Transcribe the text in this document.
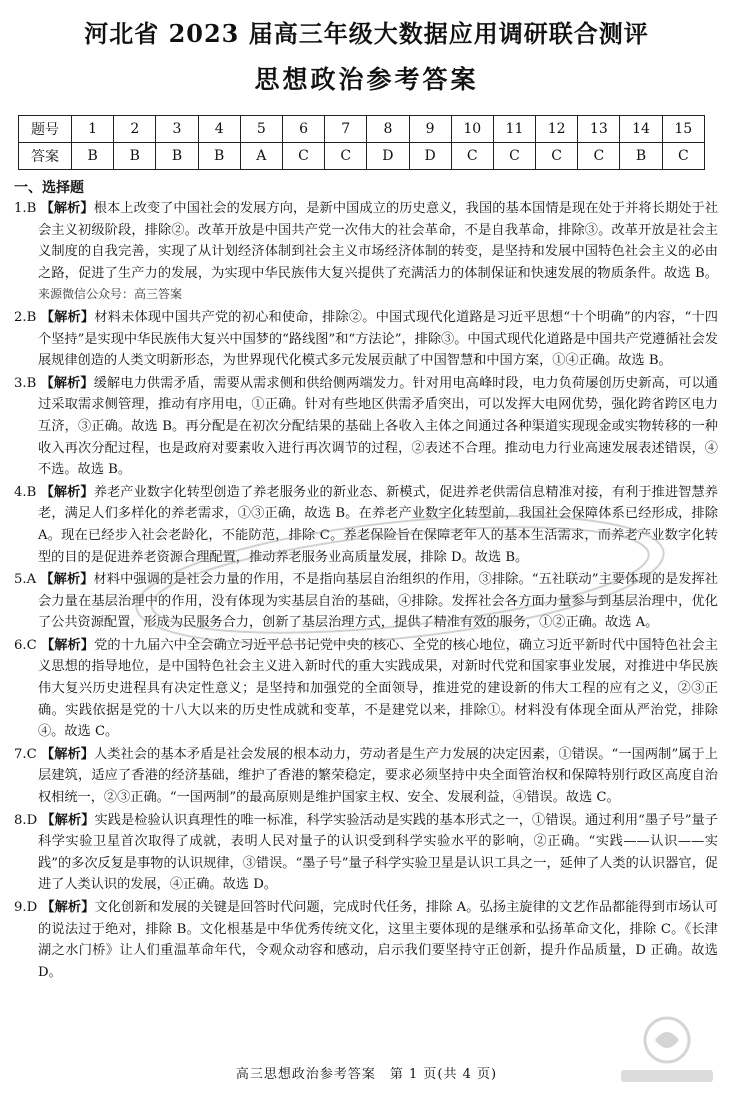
河北省 2023 届高三年级大数据应用调研联合测评
思想政治参考答案
题号	1	2	3	4	5	6	7	8	9	10	11	12	13	14	15
答案	B	B	B	B	A	C	C	D	D	C	C	C	C	B	C
一、选择题
1.B 【解析】根本上改变了中国社会的发展方向，是新中国成立的历史意义，我国的基本国情是现在处于并将长期处于社会主义初级阶段，排除②。改革开放是中国共产党一次伟大的社会革命，不是自我革命，排除③。改革开放是社会主义制度的自我完善，实现了从计划经济体制到社会主义市场经济体制的转变，是坚持和发展中国特色社会主义的必由之路，促进了生产力的发展，为实现中华民族伟大复兴提供了充满活力的体制保证和快速发展的物质条件。故选 B。来源微信公众号：高三答案
2.B 【解析】材料未体现中国共产党的初心和使命，排除②。中国式现代化道路是习近平思想“十个明确”的内容，“十四个坚持”是实现中华民族伟大复兴中国梦的“路线图”和“方法论”，排除③。中国式现代化道路是中国共产党遵循社会发展规律创造的人类文明新形态，为世界现代化模式多元发展贡献了中国智慧和中国方案，①④正确。故选 B。
3.B 【解析】缓解电力供需矛盾，需要从需求侧和供给侧两端发力。针对用电高峰时段，电力负荷屡创历史新高，可以通过采取需求侧管理，推动有序用电，①正确。针对有些地区供需矛盾突出，可以发挥大电网优势，强化跨省跨区电力互济，③正确。故选 B。再分配是在初次分配结果的基础上各收入主体之间通过各种渠道实现现金或实物转移的一种收入再次分配过程，也是政府对要素收入进行再次调节的过程，②表述不合理。推动电力行业高速发展表述错误，④不选。故选 B。
4.B 【解析】养老产业数字化转型创造了养老服务业的新业态、新模式，促进养老供需信息精准对接，有利于推进智慧养老，满足人们多样化的养老需求，①③正确，故选 B。在养老产业数字化转型前，我国社会保障体系已经形成，排除 A。现在已经步入社会老龄化，不能防范，排除 C。养老保险旨在保障老年人的基本生活需求，而养老产业数字化转型的目的是促进养老资源合理配置，推动养老服务业高质量发展，排除 D。故选 B。
5.A 【解析】材料中强调的是社会力量的作用，不是指向基层自治组织的作用，③排除。“五社联动”主要体现的是发挥社会力量在基层治理中的作用，没有体现为实基层自治的基础，④排除。发挥社会各方面力量参与到基层治理中，优化了公共资源配置，形成为民服务合力，创新了基层治理方式，提供了精准有效的服务，①②正确。故选 A。
6.C 【解析】党的十九届六中全会确立习近平总书记党中央的核心、全党的核心地位，确立习近平新时代中国特色社会主义思想的指导地位，是中国特色社会主义进入新时代的重大实践成果，对新时代党和国家事业发展，对推进中华民族伟大复兴历史进程具有决定性意义；是坚持和加强党的全面领导，推进党的建设新的伟大工程的应有之义，②③正确。实践依据是党的十八大以来的历史性成就和变革，不是建党以来，排除①。材料没有体现全面从严治党，排除④。故选 C。
7.C 【解析】人类社会的基本矛盾是社会发展的根本动力，劳动者是生产力发展的决定因素，①错误。“一国两制”属于上层建筑，适应了香港的经济基础，维护了香港的繁荣稳定，要求必须坚持中央全面管治权和保障特别行政区高度自治权相统一，②③正确。“一国两制”的最高原则是维护国家主权、安全、发展利益，④错误。故选 C。
8.D 【解析】实践是检验认识真理性的唯一标准，科学实验活动是实践的基本形式之一，①错误。通过利用“墨子号”量子科学实验卫星首次取得了成就，表明人民对量子的认识受到科学实验水平的影响，②正确。“实践——认识——实践”的多次反复是事物的认识规律，③错误。“墨子号”量子科学实验卫星是认识工具之一，延伸了人类的认识器官，促进了人类认识的发展，④正确。故选 D。
9.D 【解析】文化创新和发展的关键是回答时代问题，完成时代任务，排除 A。弘扬主旋律的文艺作品都能得到市场认可的说法过于绝对，排除 B。文化根基是中华优秀传统文化，这里主要体现的是继承和弘扬革命文化，排除 C。《长津湖之水门桥》让人们重温革命年代，令观众动容和感动，启示我们要坚持守正创新，提升作品质量，D 正确。故选 D。
高三思想政治参考答案　第 1 页(共 4 页)
